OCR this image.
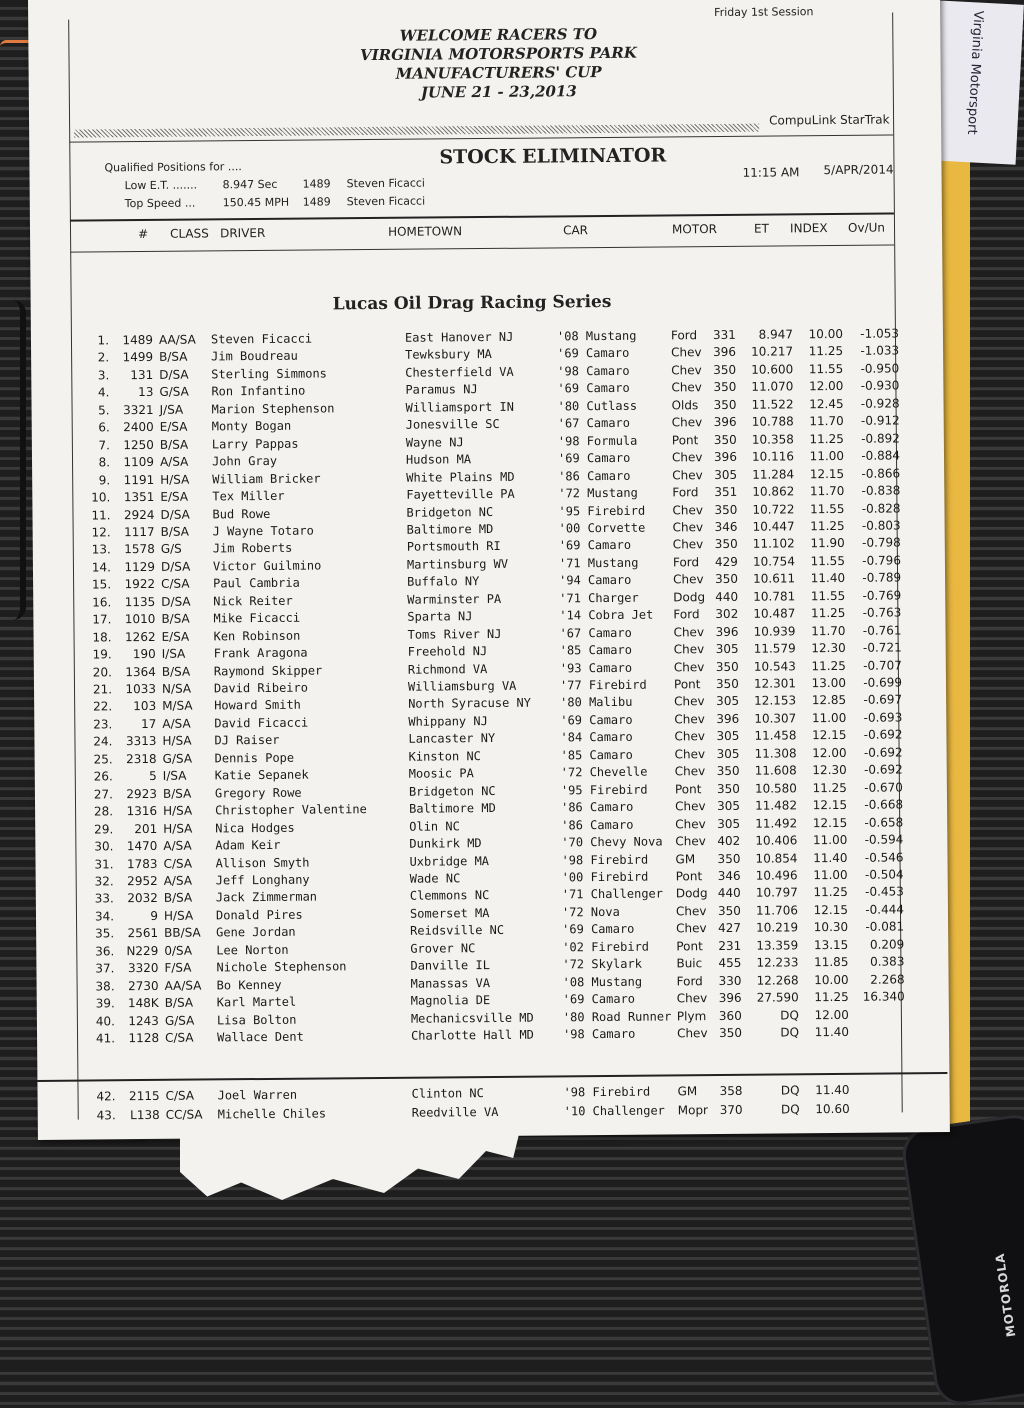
Virginia Motorsport
MOTOROLA
Friday 1st Session
WELCOME RACERS TO
VIRGINIA MOTORSPORTS PARK
MANUFACTURERS' CUP
JUNE 21 - 23,2013
CompuLink StarTrak
Qualified Positions for ....
Low E.T. .......	8.947 Sec	1489	Steven Ficacci
Top Speed ...	150.45 MPH	1489	Steven Ficacci
STOCK ELIMINATOR
11:15 AM 5/APR/2014
# CLASS DRIVER	HOMETOWN	CAR	MOTOR	ET INDEX Ov/Un
Lucas Oil Drag Racing Series
1.	1489 AA/SA	Steven Ficacci	East Hanover NJ	'08 Mustang	Ford	331	8.947	10.00	-1.053
2.	1499 B/SA	Jim Boudreau	Tewksbury MA	'69 Camaro	Chev 396	10.217	11.25	-1.033
3.	131 D/SA	Sterling Simmons	Chesterfield VA	'98 Camaro	Chev 350	10.600	11.55	-0.950
4.	13 G/SA	Ron Infantino	Paramus NJ	'69 Camaro	Chev 350	11.070	12.00	-0.930
5.	3321 J/SA	Marion Stephenson	Williamsport IN	'80 Cutlass	Olds	350	11.522	12.45	-0.928
6.	2400 E/SA	Monty Bogan	Jonesville SC	'67 Camaro	Chev 396	10.788	11.70	-0.912
7.	1250 B/SA	Larry Pappas	Wayne NJ	'98 Formula	Pont	350	10.358	11.25	-0.892
8.	1109 A/SA	John Gray	Hudson MA	'69 Camaro	Chev 396	10.116	11.00	-0.884
9.	1191 H/SA	William Bricker	White Plains MD	'86 Camaro	Chev 305	11.284	12.15	-0.866
10.	1351 E/SA	Tex Miller	Fayetteville PA	'72 Mustang	Ford	351	10.862	11.70	-0.838
11.	2924 D/SA	Bud Rowe	Bridgeton NC	'95 Firebird	Chev 350	10.722	11.55	-0.828
12.	1117 B/SA	J Wayne Totaro	Baltimore MD	'00 Corvette	Chev 346	10.447	11.25	-0.803
13.	1578 G/S	Jim Roberts	Portsmouth RI	'69 Camaro	Chev 350	11.102	11.90	-0.798
14.	1129 D/SA	Victor Guilmino	Martinsburg WV	'71 Mustang	Ford	429	10.754	11.55	-0.796
15.	1922 C/SA	Paul Cambria	Buffalo NY	'94 Camaro	Chev 350	10.611	11.40	-0.789
16.	1135 D/SA	Nick Reiter	Warminster PA	'71 Charger	Dodg 440	10.781	11.55	-0.769
17.	1010 B/SA	Mike Ficacci	Sparta NJ	'14 Cobra Jet	Ford	302	10.487	11.25	-0.763
18.	1262 E/SA	Ken Robinson	Toms River NJ	'67 Camaro	Chev 396	10.939	11.70	-0.761
19.	190 I/SA	Frank Aragona	Freehold NJ	'85 Camaro	Chev 305	11.579	12.30	-0.721
20.	1364 B/SA	Raymond Skipper	Richmond VA	'93 Camaro	Chev 350	10.543	11.25	-0.707
21.	1033 N/SA	David Ribeiro	Williamsburg VA	'77 Firebird	Pont	350	12.301	13.00	-0.699
22.	103 M/SA	Howard Smith	North Syracuse NY	'80 Malibu	Chev 305	12.153	12.85	-0.697
23.	17 A/SA	David Ficacci	Whippany NJ	'69 Camaro	Chev 396	10.307	11.00	-0.693
24.	3313 H/SA	DJ Raiser	Lancaster NY	'84 Camaro	Chev 305	11.458	12.15	-0.692
25.	2318 G/SA	Dennis Pope	Kinston NC	'85 Camaro	Chev 305	11.308	12.00	-0.692
26.	5 I/SA	Katie Sepanek	Moosic PA	'72 Chevelle	Chev 350	11.608	12.30	-0.692
27.	2923 B/SA	Gregory Rowe	Bridgeton NC	'95 Firebird	Pont	350	10.580	11.25	-0.670
28.	1316 H/SA	Christopher Valentine	Baltimore MD	'86 Camaro	Chev 305	11.482	12.15	-0.668
29.	201 H/SA	Nica Hodges	Olin NC	'86 Camaro	Chev 305	11.492	12.15	-0.658
30.	1470 A/SA	Adam Keir	Dunkirk MD	'70 Chevy Nova	Chev 402	10.406	11.00	-0.594
31.	1783 C/SA	Allison Smyth	Uxbridge MA	'98 Firebird	GM	350	10.854	11.40	-0.546
32.	2952 A/SA	Jeff Longhany	Wade NC	'00 Firebird	Pont	346	10.496	11.00	-0.504
33.	2032 B/SA	Jack Zimmerman	Clemmons NC	'71 Challenger	Dodg 440	10.797	11.25	-0.453
34.	9 H/SA	Donald Pires	Somerset MA	'72 Nova	Chev 350	11.706	12.15	-0.444
35.	2561 BB/SA	Gene Jordan	Reidsville NC	'69 Camaro	Chev 427	10.219	10.30	-0.081
36. N229 0/SA	Lee Norton	Grover NC	'02 Firebird	Pont	231	13.359	13.15	0.209
37.	3320 F/SA	Nichole Stephenson	Danville IL	'72 Skylark	Buic	455	12.233	11.85	0.383
38.	2730 AA/SA	Bo Kenney	Manassas VA	'08 Mustang	Ford	330	12.268	10.00	2.268
39.	148K B/SA	Karl Martel	Magnolia DE	'69 Camaro	Chev 396	27.590	11.25	16.340
40.	1243 G/SA	Lisa Bolton	Mechanicsville MD	'80 Road Runner Plym	360	DQ	12.00
41.	1128 C/SA	Wallace Dent	Charlotte Hall MD	'98 Camaro	Chev 350	DQ	11.40
42.	2115 C/SA	Joel Warren	Clinton NC	'98 Firebird	GM	358	DQ	11.40
43.	L138 CC/SA	Michelle Chiles	Reedville VA	'10 Challenger	Mopr 370	DQ	10.60
